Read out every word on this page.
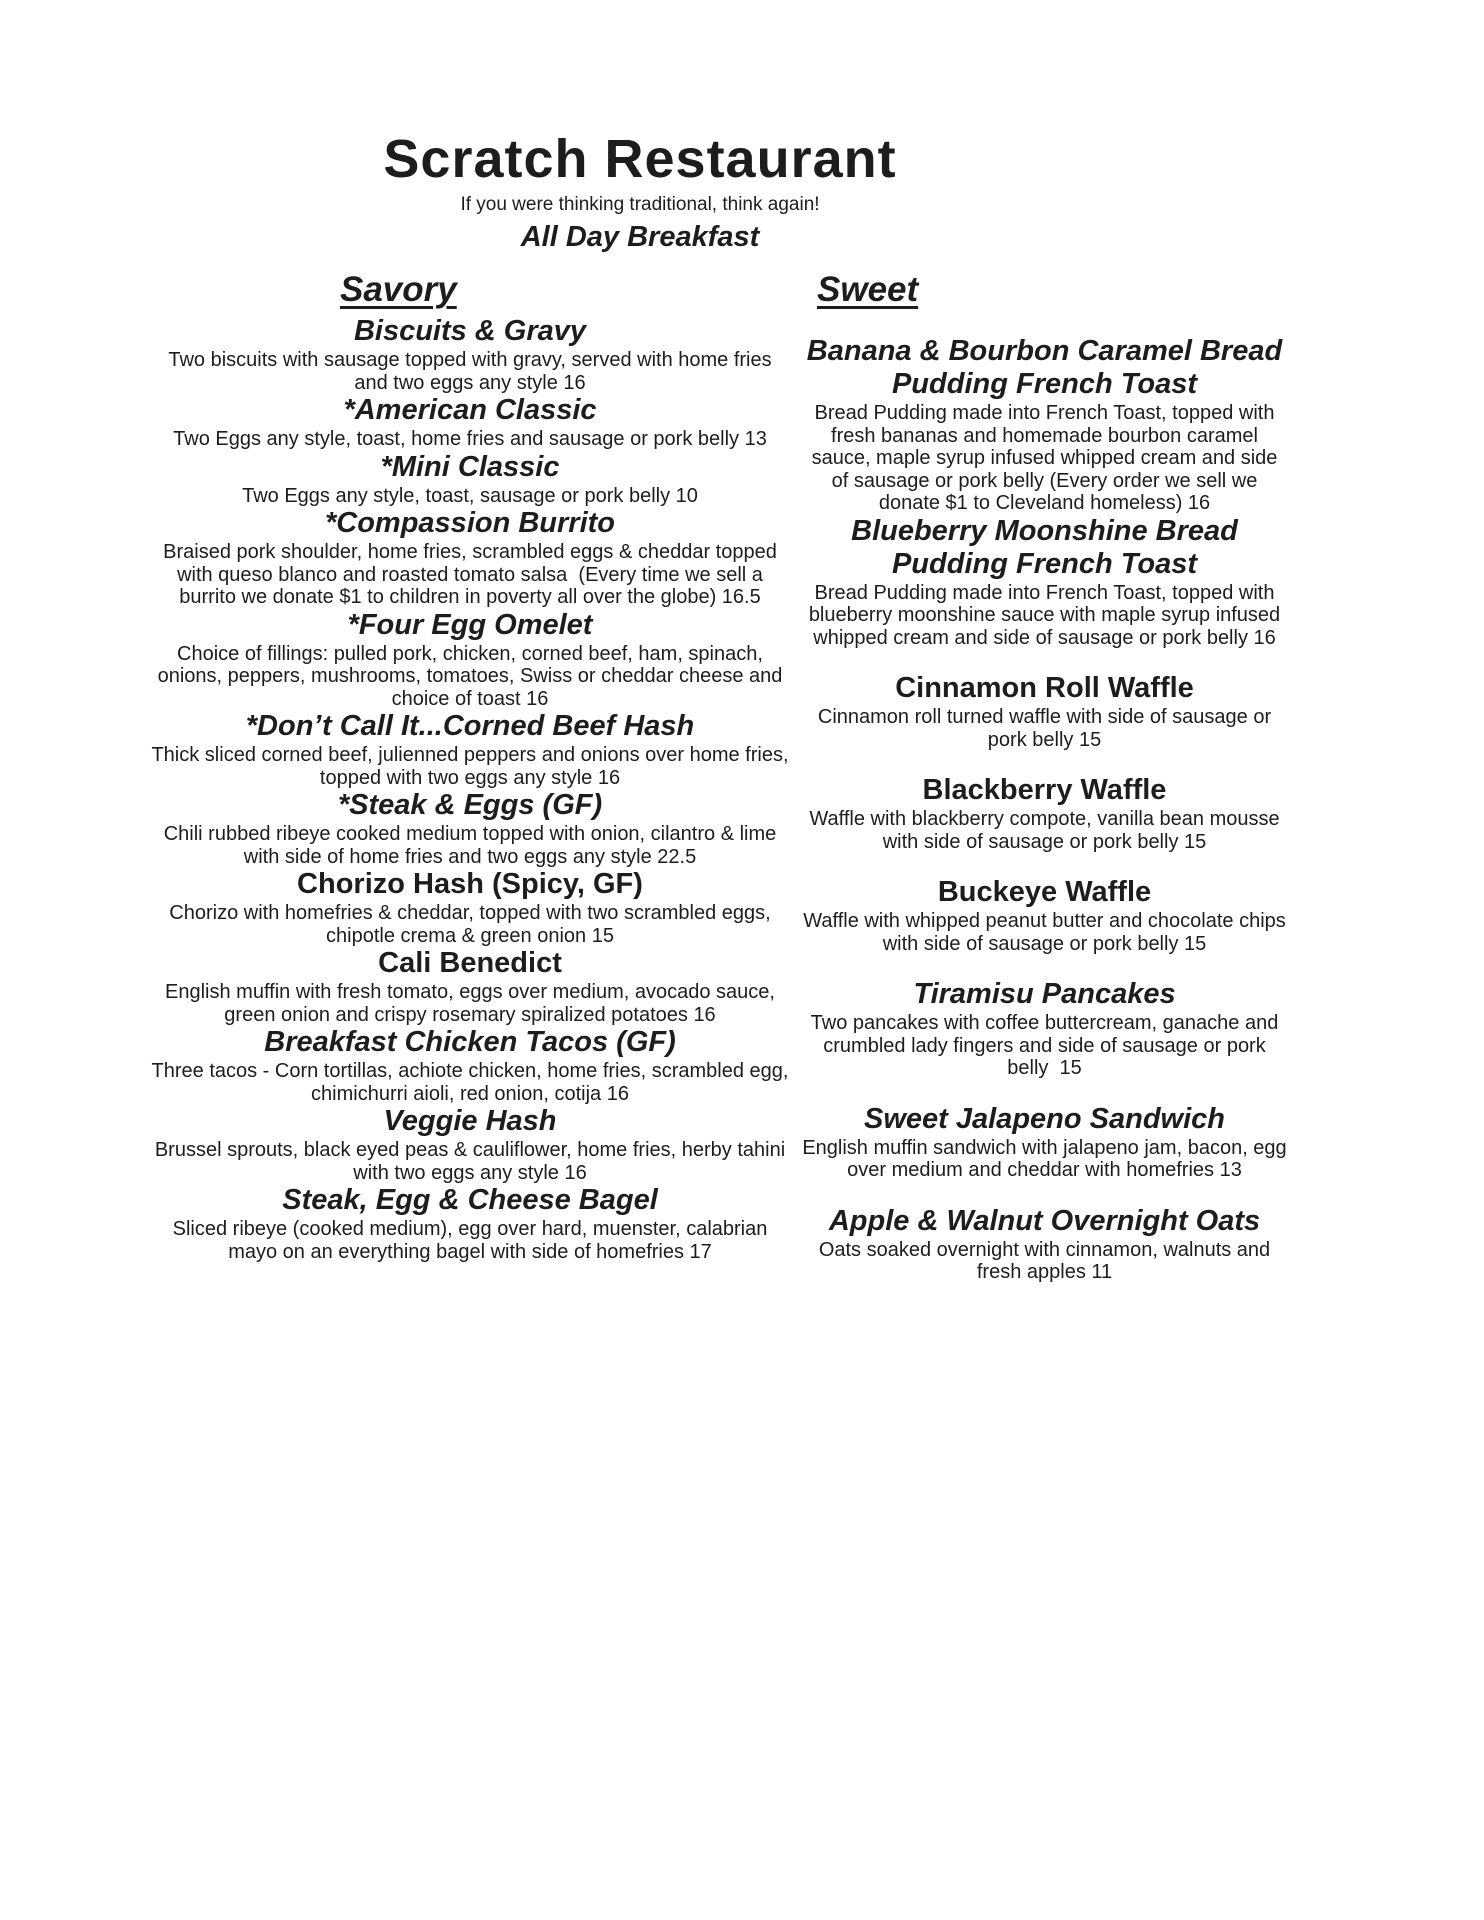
Scratch Restaurant

If you were thinking traditional, think again!

All Day Breakfast

Savory
Biscuits & Gravy

Two biscuits with sausage topped with gravy, served with home fries and two eggs any style 16

*American Classic

Two Eggs any style, toast, home fries and sausage or pork belly 13

*Mini Classic

Two Eggs any style, toast, sausage or pork belly 10

*Compassion Burrito

Braised pork shoulder, home fries, scrambled eggs & cheddar topped with queso blanco and roasted tomato salsa  (Every time we sell a burrito we donate $1 to children in poverty all over the globe) 16.5

*Four Egg Omelet

Choice of fillings: pulled pork, chicken, corned beef, ham, spinach, onions, peppers, mushrooms, tomatoes, Swiss or cheddar cheese and choice of toast 16

*Don’t Call It...Corned Beef Hash

Thick sliced corned beef, julienned peppers and onions over home fries, topped with two eggs any style 16

*Steak & Eggs (GF)

Chili rubbed ribeye cooked medium topped with onion, cilantro & lime with side of home fries and two eggs any style 22.5

Chorizo Hash (Spicy, GF)

Chorizo with homefries & cheddar, topped with two scrambled eggs, chipotle crema & green onion 15

Cali Benedict

English muffin with fresh tomato, eggs over medium, avocado sauce, green onion and crispy rosemary spiralized potatoes 16

Breakfast Chicken Tacos (GF)

Three tacos - Corn tortillas, achiote chicken, home fries, scrambled egg, chimichurri aioli, red onion, cotija 16

Veggie Hash

Brussel sprouts, black eyed peas & cauliflower, home fries, herby tahini with two eggs any style 16

Steak, Egg & Cheese Bagel

Sliced ribeye (cooked medium), egg over hard, muenster, calabrian mayo on an everything bagel with side of homefries 17

Sweet
Banana & Bourbon Caramel Bread Pudding French Toast

Bread Pudding made into French Toast, topped with fresh bananas and homemade bourbon caramel sauce, maple syrup infused whipped cream and side of sausage or pork belly (Every order we sell we donate $1 to Cleveland homeless) 16

Blueberry Moonshine Bread Pudding French Toast

Bread Pudding made into French Toast, topped with blueberry moonshine sauce with maple syrup infused whipped cream and side of sausage or pork belly 16

Cinnamon Roll Waffle

Cinnamon roll turned waffle with side of sausage or pork belly 15

Blackberry Waffle

Waffle with blackberry compote, vanilla bean mousse with side of sausage or pork belly 15

Buckeye Waffle

Waffle with whipped peanut butter and chocolate chips with side of sausage or pork belly 15

Tiramisu Pancakes

Two pancakes with coffee buttercream, ganache and crumbled lady fingers and side of sausage or pork belly  15

Sweet Jalapeno Sandwich

English muffin sandwich with jalapeno jam, bacon, egg over medium and cheddar with homefries 13

Apple & Walnut Overnight Oats

Oats soaked overnight with cinnamon, walnuts and fresh apples 11
